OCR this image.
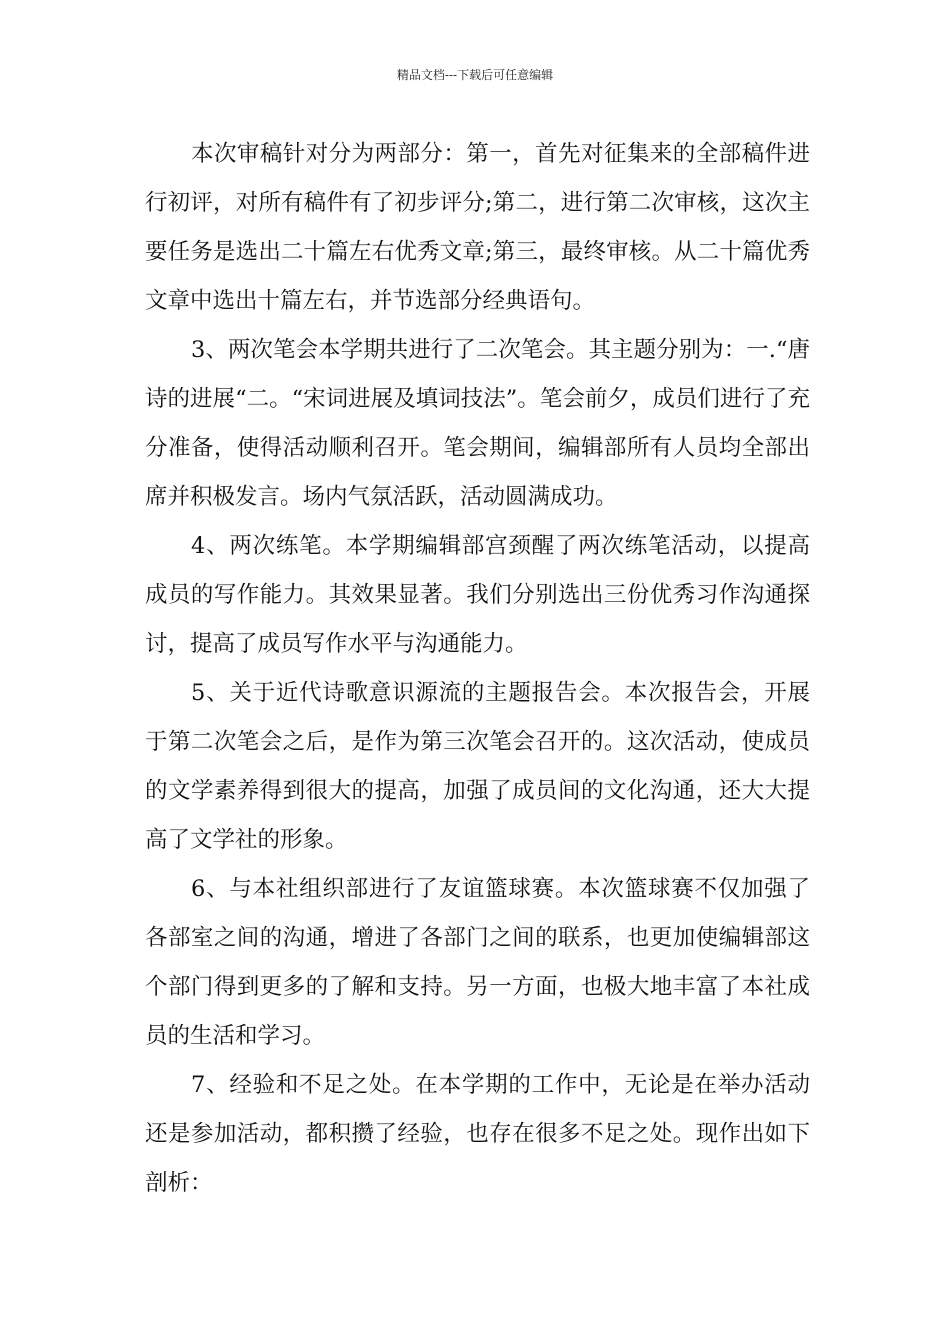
精品文档---下载后可任意编辑

本次审稿针对分为两部分：第一，首先对征集来的全部稿件进行初评，对所有稿件有了初步评分;第二，进行第二次审核，这次主要任务是选出二十篇左右优秀文章;第三，最终审核。从二十篇优秀文章中选出十篇左右，并节选部分经典语句。

3、两次笔会本学期共进行了二次笔会。其主题分别为：一.“唐诗的进展“二。“宋词进展及填词技法”。笔会前夕，成员们进行了充分准备，使得活动顺利召开。笔会期间，编辑部所有人员均全部出席并积极发言。场内气氛活跃，活动圆满成功。

4、两次练笔。本学期编辑部宫颈醒了两次练笔活动，以提高成员的写作能力。其效果显著。我们分别选出三份优秀习作沟通探讨，提高了成员写作水平与沟通能力。

5、关于近代诗歌意识源流的主题报告会。本次报告会，开展于第二次笔会之后，是作为第三次笔会召开的。这次活动，使成员的文学素养得到很大的提高，加强了成员间的文化沟通，还大大提高了文学社的形象。

6、与本社组织部进行了友谊篮球赛。本次篮球赛不仅加强了各部室之间的沟通，增进了各部门之间的联系，也更加使编辑部这个部门得到更多的了解和支持。另一方面，也极大地丰富了本社成员的生活和学习。

7、经验和不足之处。在本学期的工作中，无论是在举办活动还是参加活动，都积攒了经验，也存在很多不足之处。现作出如下剖析：
